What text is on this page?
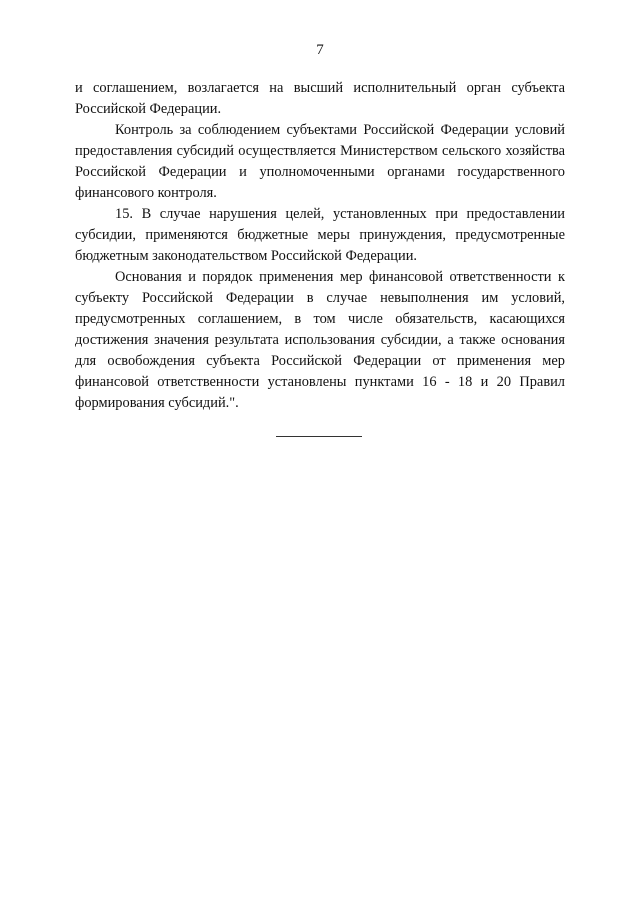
7

и соглашением, возлагается на высший исполнительный орган субъекта Российской Федерации.

Контроль за соблюдением субъектами Российской Федерации условий предоставления субсидий осуществляется Министерством сельского хозяйства Российской Федерации и уполномоченными органами государственного финансового контроля.

15. В случае нарушения целей, установленных при предоставлении субсидии, применяются бюджетные меры принуждения, предусмотренные бюджетным законодательством Российской Федерации.

Основания и порядок применения мер финансовой ответственности к субъекту Российской Федерации в случае невыполнения им условий, предусмотренных соглашением, в том числе обязательств, касающихся достижения значения результата использования субсидии, а также основания для освобождения субъекта Российской Федерации от применения мер финансовой ответственности установлены пунктами 16 - 18 и 20 Правил формирования субсидий.".
